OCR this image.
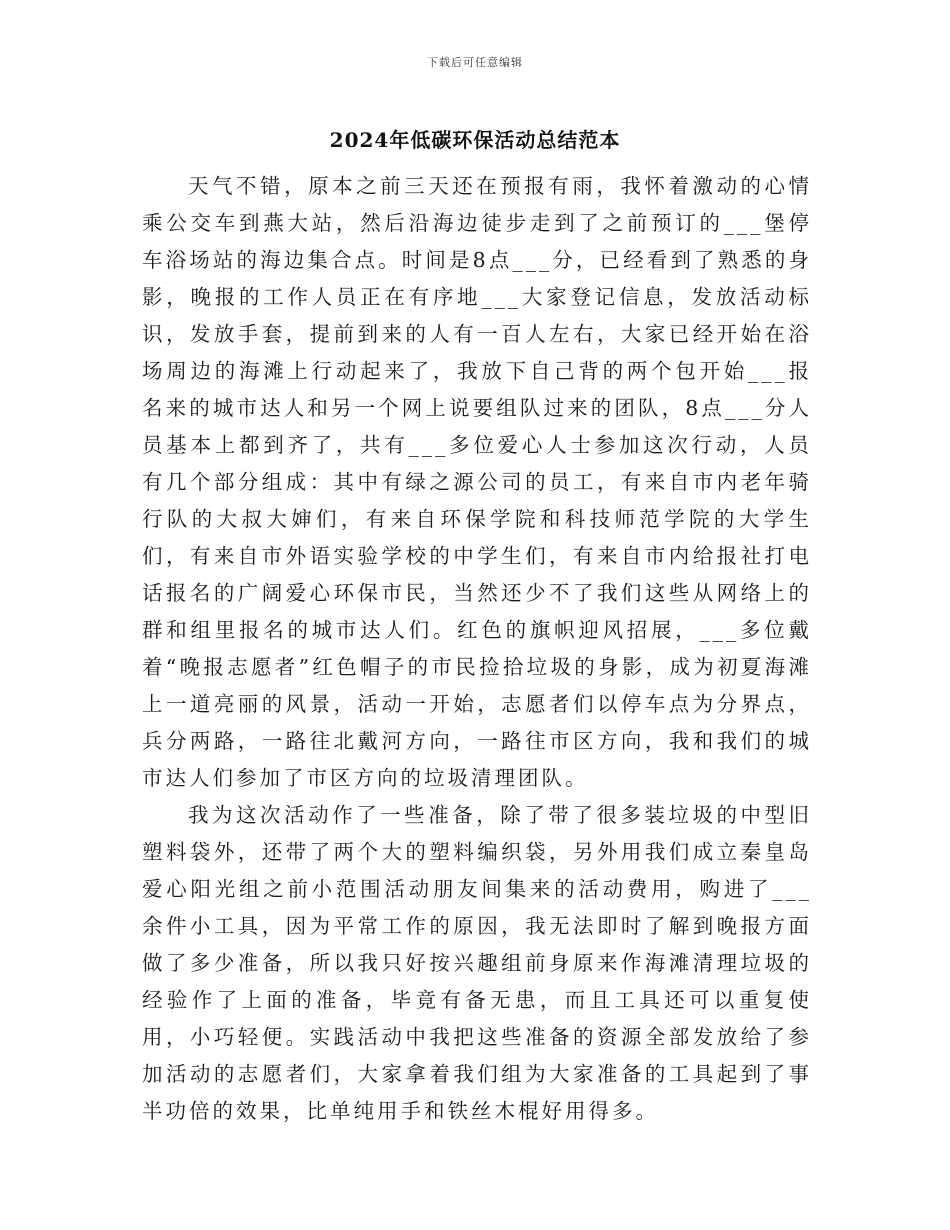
下载后可任意编辑
2024年低碳环保活动总结范本

天气不错，原本之前三天还在预报有雨，我怀着激动的心情乘公交车到燕大站，然后沿海边徒步走到了之前预订的___堡停车浴场站的海边集合点。时间是8点___分，已经看到了熟悉的身影，晚报的工作人员正在有序地___大家登记信息，发放活动标识，发放手套，提前到来的人有一百人左右，大家已经开始在浴场周边的海滩上行动起来了，我放下自己背的两个包开始___报名来的城市达人和另一个网上说要组队过来的团队，8点___分人员基本上都到齐了，共有___多位爱心人士参加这次行动，人员有几个部分组成：其中有绿之源公司的员工，有来自市内老年骑行队的大叔大婶们，有来自环保学院和科技师范学院的大学生们，有来自市外语实验学校的中学生们，有来自市内给报社打电话报名的广阔爱心环保市民，当然还少不了我们这些从网络上的群和组里报名的城市达人们。红色的旗帜迎风招展，___多位戴着“晚报志愿者”红色帽子的市民捡拾垃圾的身影，成为初夏海滩上一道亮丽的风景，活动一开始，志愿者们以停车点为分界点，兵分两路，一路往北戴河方向，一路往市区方向，我和我们的城市达人们参加了市区方向的垃圾清理团队。

我为这次活动作了一些准备，除了带了很多装垃圾的中型旧塑料袋外，还带了两个大的塑料编织袋，另外用我们成立秦皇岛爱心阳光组之前小范围活动朋友间集来的活动费用，购进了___余件小工具，因为平常工作的原因，我无法即时了解到晚报方面做了多少准备，所以我只好按兴趣组前身原来作海滩清理垃圾的经验作了上面的准备，毕竟有备无患，而且工具还可以重复使用，小巧轻便。实践活动中我把这些准备的资源全部发放给了参加活动的志愿者们，大家拿着我们组为大家准备的工具起到了事半功倍的效果，比单纯用手和铁丝木棍好用得多。
